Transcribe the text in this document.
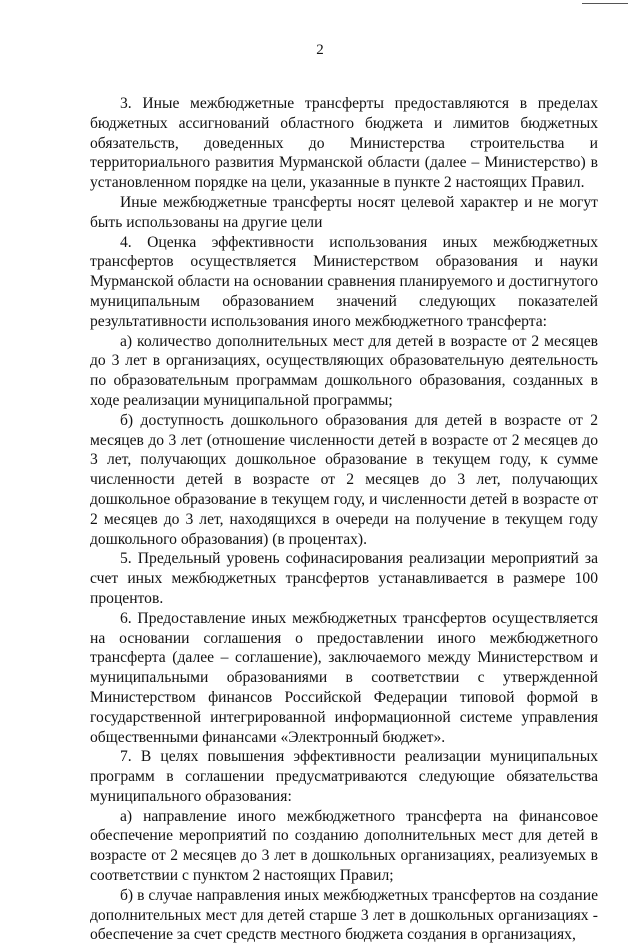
2

3. Иные межбюджетные трансферты предоставляются в пределах бюджетных ассигнований областного бюджета и лимитов бюджетных обязательств, доведенных до Министерства строительства и территориального развития Мурманской области (далее – Министерство) в установленном порядке на цели, указанные в пункте 2 настоящих Правил.

Иные межбюджетные трансферты носят целевой характер и не могут быть использованы на другие цели

4. Оценка эффективности использования иных межбюджетных трансфертов осуществляется Министерством образования и науки Мурманской области на основании сравнения планируемого и достигнутого муниципальным образованием значений следующих показателей результативности использования иного межбюджетного трансферта:

а) количество дополнительных мест для детей в возрасте от 2 месяцев до 3 лет в организациях, осуществляющих образовательную деятельность по образовательным программам дошкольного образования, созданных в ходе реализации муниципальной программы;

б) доступность дошкольного образования для детей в возрасте от 2 месяцев до 3 лет (отношение численности детей в возрасте от 2 месяцев до 3 лет, получающих дошкольное образование в текущем году, к сумме численности детей в возрасте от 2 месяцев до 3 лет, получающих дошкольное образование в текущем году, и численности детей в возрасте от 2 месяцев до 3 лет, находящихся в очереди на получение в текущем году дошкольного образования) (в процентах).

5. Предельный уровень софинасирования реализации мероприятий за счет иных межбюджетных трансфертов устанавливается в размере 100 процентов.

6. Предоставление иных межбюджетных трансфертов осуществляется на основании соглашения о предоставлении иного межбюджетного трансферта (далее – соглашение), заключаемого между Министерством и муниципальными образованиями в соответствии с утвержденной Министерством финансов Российской Федерации типовой формой в государственной интегрированной информационной системе управления общественными финансами «Электронный бюджет».

7. В целях повышения эффективности реализации муниципальных программ в соглашении предусматриваются следующие обязательства муниципального образования:

а) направление иного межбюджетного трансферта на финансовое обеспечение мероприятий по созданию дополнительных мест для детей в возрасте от 2 месяцев до 3 лет в дошкольных организациях, реализуемых в соответствии с пунктом 2 настоящих Правил;

б) в случае направления иных межбюджетных трансфертов на создание дополнительных мест для детей старше 3 лет в дошкольных организациях - обеспечение за счет средств местного бюджета создания в организациях,
